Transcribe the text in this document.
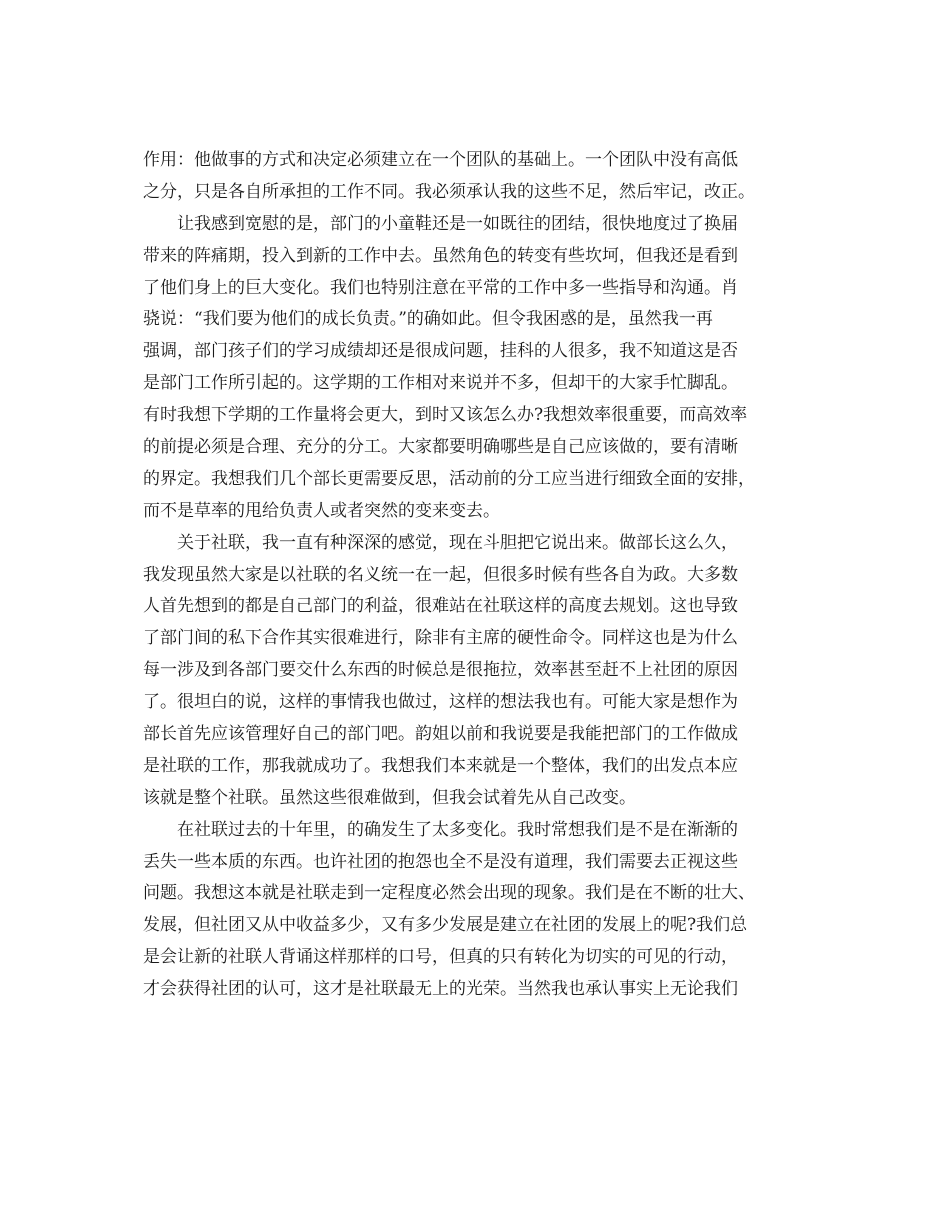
作用：他做事的方式和决定必须建立在一个团队的基础上。一个团队中没有高低
之分，只是各自所承担的工作不同。我必须承认我的这些不足，然后牢记，改正。

让我感到宽慰的是，部门的小童鞋还是一如既往的团结，很快地度过了换届
带来的阵痛期，投入到新的工作中去。虽然角色的转变有些坎坷，但我还是看到
了他们身上的巨大变化。我们也特别注意在平常的工作中多一些指导和沟通。肖
骁说：“我们要为他们的成长负责。”的确如此。但令我困惑的是，虽然我一再
强调，部门孩子们的学习成绩却还是很成问题，挂科的人很多，我不知道这是否
是部门工作所引起的。这学期的工作相对来说并不多，但却干的大家手忙脚乱。
有时我想下学期的工作量将会更大，到时又该怎么办?我想效率很重要，而高效率
的前提必须是合理、充分的分工。大家都要明确哪些是自己应该做的，要有清晰
的界定。我想我们几个部长更需要反思，活动前的分工应当进行细致全面的安排，
而不是草率的甩给负责人或者突然的变来变去。

关于社联，我一直有种深深的感觉，现在斗胆把它说出来。做部长这么久，
我发现虽然大家是以社联的名义统一在一起，但很多时候有些各自为政。大多数
人首先想到的都是自己部门的利益，很难站在社联这样的高度去规划。这也导致
了部门间的私下合作其实很难进行，除非有主席的硬性命令。同样这也是为什么
每一涉及到各部门要交什么东西的时候总是很拖拉，效率甚至赶不上社团的原因
了。很坦白的说，这样的事情我也做过，这样的想法我也有。可能大家是想作为
部长首先应该管理好自己的部门吧。韵姐以前和我说要是我能把部门的工作做成
是社联的工作，那我就成功了。我想我们本来就是一个整体，我们的出发点本应
该就是整个社联。虽然这些很难做到，但我会试着先从自己改变。

在社联过去的十年里，的确发生了太多变化。我时常想我们是不是在渐渐的
丢失一些本质的东西。也许社团的抱怨也全不是没有道理，我们需要去正视这些
问题。我想这本就是社联走到一定程度必然会出现的现象。我们是在不断的壮大、
发展，但社团又从中收益多少，又有多少发展是建立在社团的发展上的呢?我们总
是会让新的社联人背诵这样那样的口号，但真的只有转化为切实的可见的行动，
才会获得社团的认可，这才是社联最无上的光荣。当然我也承认事实上无论我们
